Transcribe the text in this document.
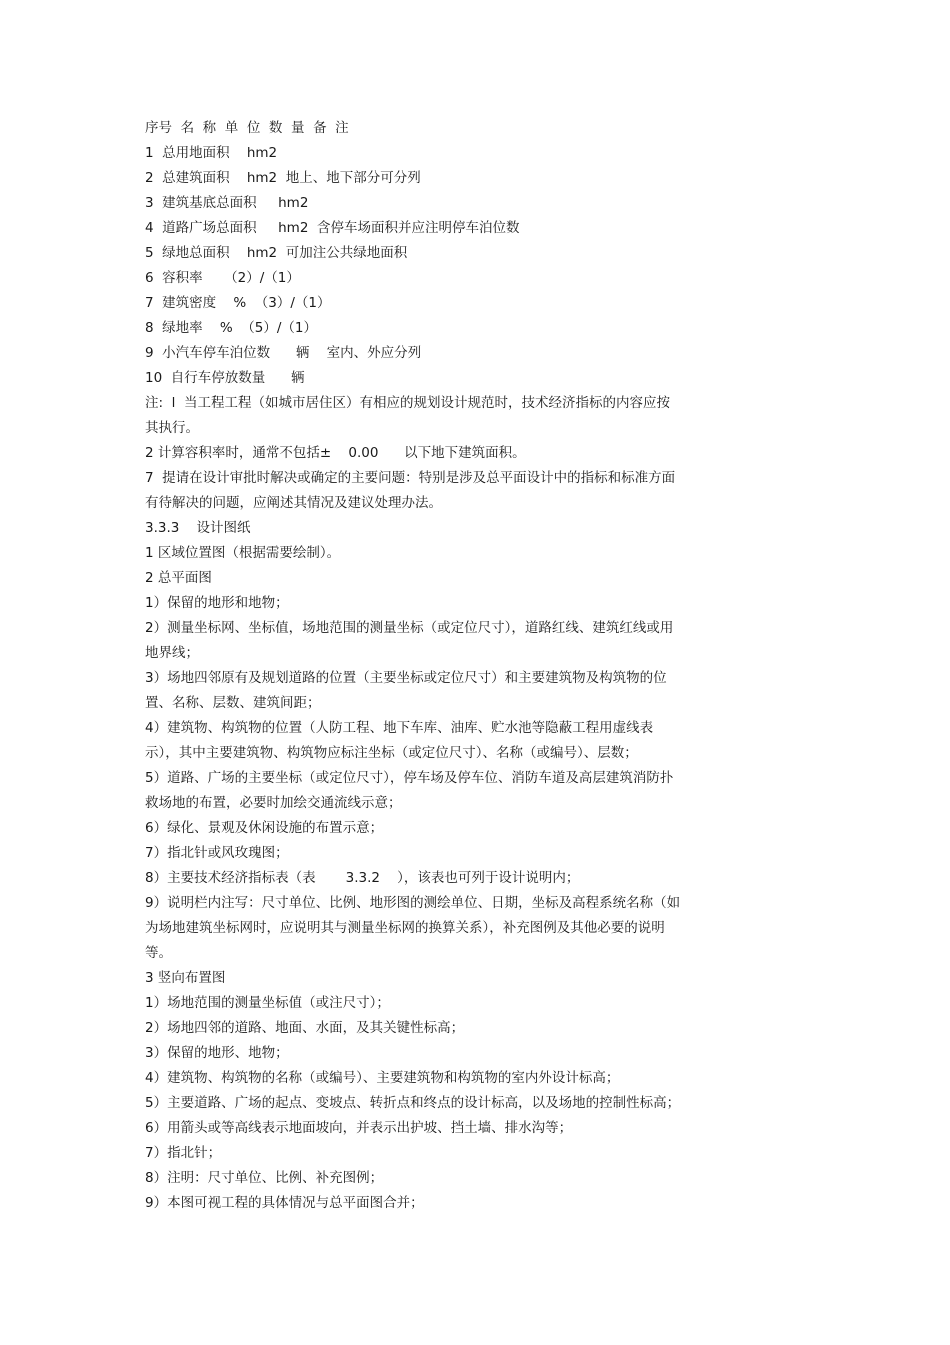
序号  名  称  单  位  数  量  备  注
1  总用地面积    hm2
2  总建筑面积    hm2  地上、地下部分可分列
3  建筑基底总面积     hm2
4  道路广场总面积     hm2  含停车场面积并应注明停车泊位数
5  绿地总面积    hm2  可加注公共绿地面积
6  容积率     （2）/（1）
7  建筑密度    %  （3）/（1）
8  绿地率    %  （5）/（1）
9  小汽车停车泊位数      辆    室内、外应分列
10  自行车停放数量      辆
注:  l  当工程工程（如城市居住区）有相应的规划设计规范时，技术经济指标的内容应按
其执行。
2 计算容积率时，通常不包括±    0.00      以下地下建筑面积。
7  提请在设计审批时解决或确定的主要问题：特别是涉及总平面设计中的指标和标准方面
有待解决的问题，应阐述其情况及建议处理办法。
3.3.3    设计图纸
1 区域位置图（根据需要绘制）。
2 总平面图
1）保留的地形和地物；
2）测量坐标网、坐标值，场地范围的测量坐标（或定位尺寸），道路红线、建筑红线或用
地界线；
3）场地四邻原有及规划道路的位置（主要坐标或定位尺寸）和主要建筑物及构筑物的位
置、名称、层数、建筑间距；
4）建筑物、构筑物的位置（人防工程、地下车库、油库、贮水池等隐蔽工程用虚线表
示），其中主要建筑物、构筑物应标注坐标（或定位尺寸）、名称（或编号）、层数；
5）道路、广场的主要坐标（或定位尺寸），停车场及停车位、消防车道及高层建筑消防扑
救场地的布置，必要时加绘交通流线示意；
6）绿化、景观及休闲设施的布置示意；
7）指北针或风玫瑰图；
8）主要技术经济指标表（表       3.3.2    ），该表也可列于设计说明内；
9）说明栏内注写：尺寸单位、比例、地形图的测绘单位、日期，坐标及高程系统名称（如
为场地建筑坐标网时，应说明其与测量坐标网的换算关系），补充图例及其他必要的说明
等。
3 竖向布置图
1）场地范围的测量坐标值（或注尺寸）；
2）场地四邻的道路、地面、水面，及其关键性标高；
3）保留的地形、地物；
4）建筑物、构筑物的名称（或编号）、主要建筑物和构筑物的室内外设计标高；
5）主要道路、广场的起点、变坡点、转折点和终点的设计标高，以及场地的控制性标高；
6）用箭头或等高线表示地面坡向，并表示出护坡、挡土墙、排水沟等；
7）指北针；
8）注明：尺寸单位、比例、补充图例；
9）本图可视工程的具体情况与总平面图合并；
